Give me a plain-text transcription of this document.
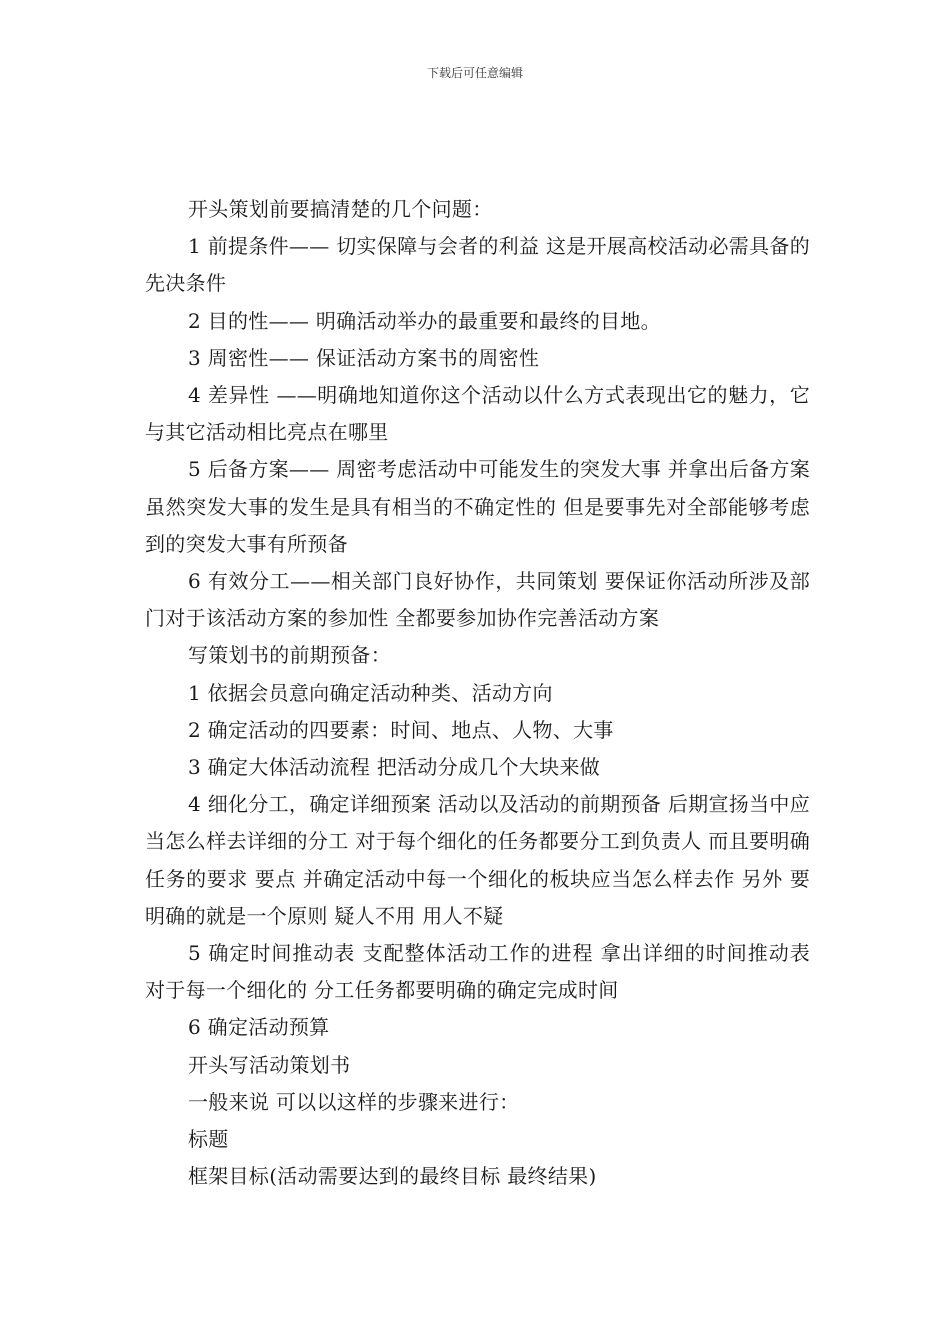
下载后可任意编辑

开头策划前要搞清楚的几个问题：

1 前提条件—— 切实保障与会者的利益 这是开展高校活动必需具备的先决条件

2 目的性—— 明确活动举办的最重要和最终的目地。

3 周密性—— 保证活动方案书的周密性

4 差异性 ——明确地知道你这个活动以什么方式表现出它的魅力，它与其它活动相比亮点在哪里

5 后备方案—— 周密考虑活动中可能发生的突发大事 并拿出后备方案 虽然突发大事的发生是具有相当的不确定性的 但是要事先对全部能够考虑到的突发大事有所预备

6 有效分工——相关部门良好协作，共同策划 要保证你活动所涉及部门对于该活动方案的参加性 全都要参加协作完善活动方案

写策划书的前期预备：

1 依据会员意向确定活动种类、活动方向

2 确定活动的四要素：时间、地点、人物、大事

3 确定大体活动流程 把活动分成几个大块来做

4 细化分工，确定详细预案 活动以及活动的前期预备 后期宣扬当中应当怎么样去详细的分工 对于每个细化的任务都要分工到负责人 而且要明确任务的要求 要点 并确定活动中每一个细化的板块应当怎么样去作 另外 要明确的就是一个原则 疑人不用 用人不疑

5 确定时间推动表 支配整体活动工作的进程 拿出详细的时间推动表 对于每一个细化的 分工任务都要明确的确定完成时间

6 确定活动预算

开头写活动策划书

一般来说 可以以这样的步骤来进行：

标题

框架目标(活动需要达到的最终目标 最终结果)
